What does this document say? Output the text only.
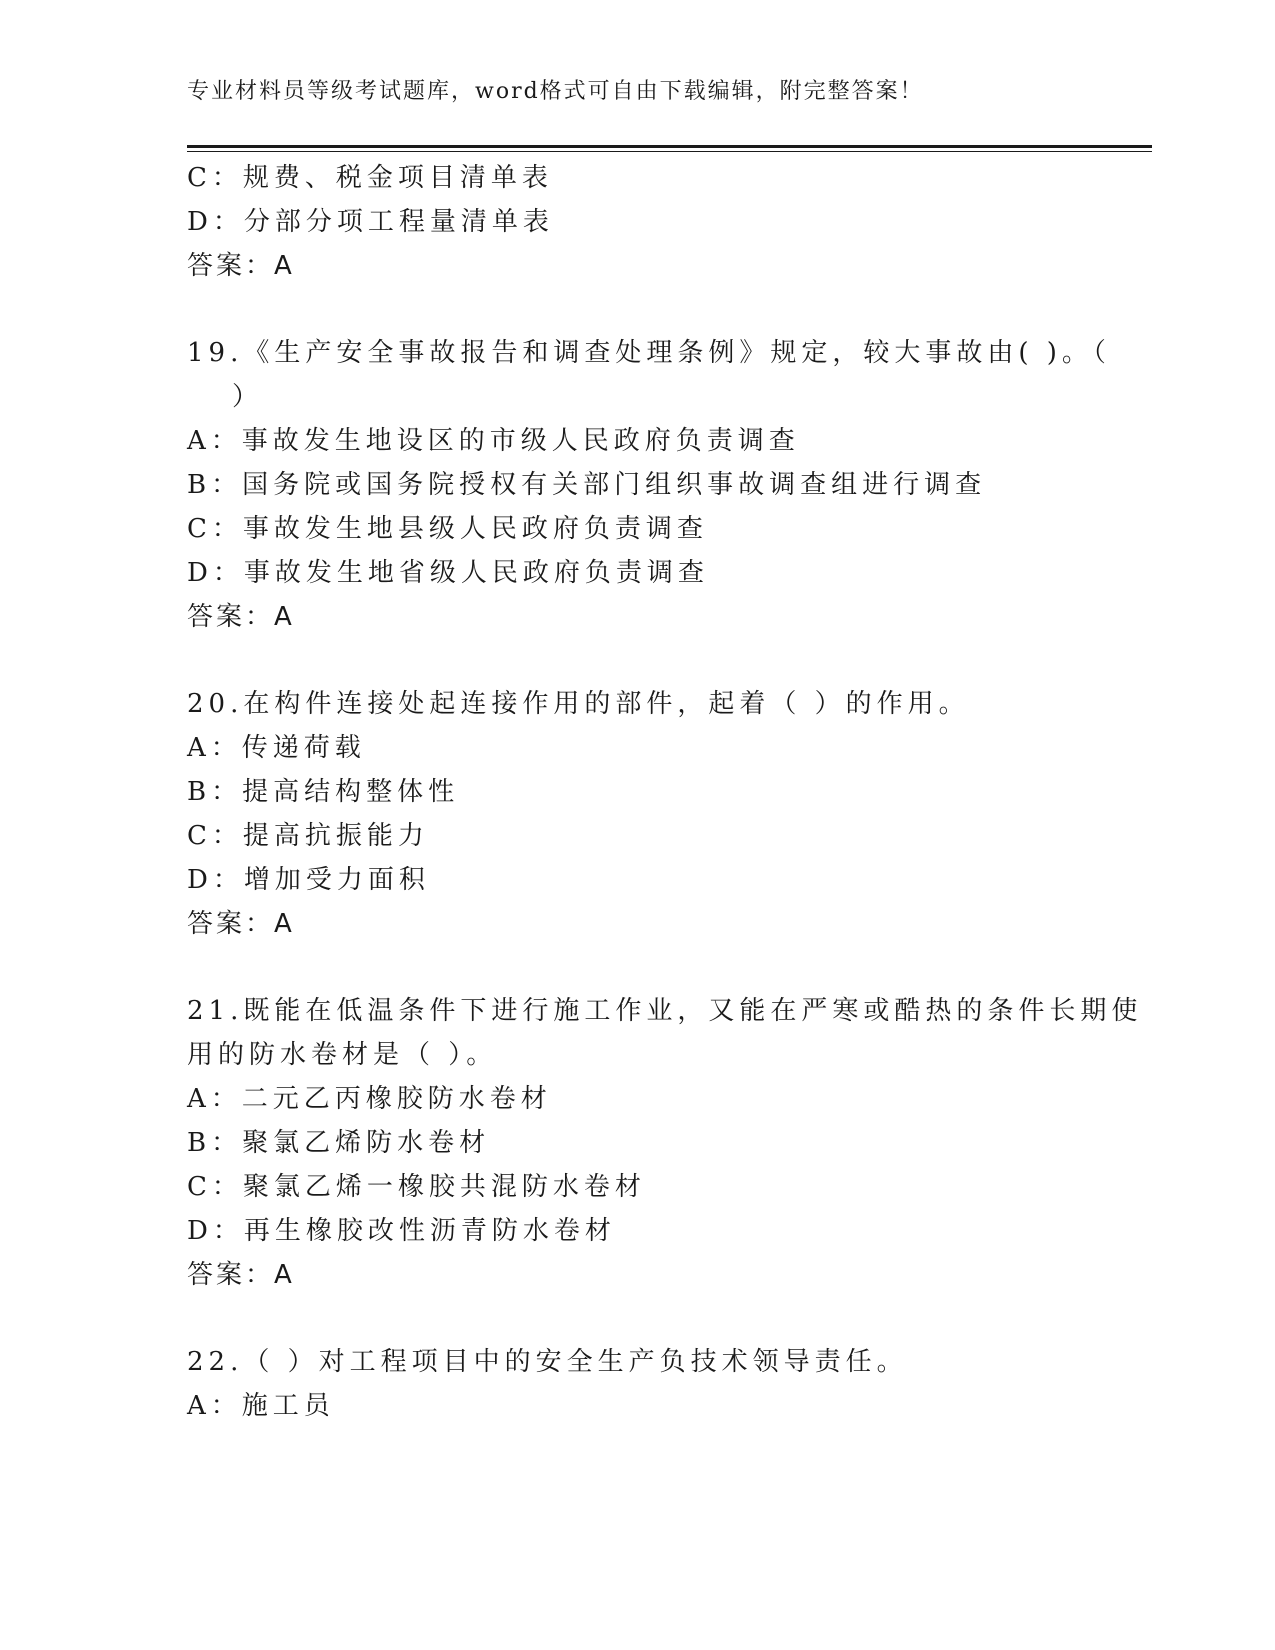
专业材料员等级考试题库，word格式可自由下载编辑，附完整答案！
C：规费、税金项目清单表
D：分部分项工程量清单表
答案：A
19.《生产安全事故报告和调查处理条例》规定，较大事故由( )。（
）
A：事故发生地设区的市级人民政府负责调查
B：国务院或国务院授权有关部门组织事故调查组进行调查
C：事故发生地县级人民政府负责调查
D：事故发生地省级人民政府负责调查
答案：A
20.在构件连接处起连接作用的部件，起着（ ）的作用。
A：传递荷载
B：提高结构整体性
C：提高抗振能力
D：增加受力面积
答案：A
21.既能在低温条件下进行施工作业，又能在严寒或酷热的条件长期使
用的防水卷材是（ ）。
A：二元乙丙橡胶防水卷材
B：聚氯乙烯防水卷材
C：聚氯乙烯一橡胶共混防水卷材
D：再生橡胶改性沥青防水卷材
答案：A
22.（ ）对工程项目中的安全生产负技术领导责任。
A：施工员
